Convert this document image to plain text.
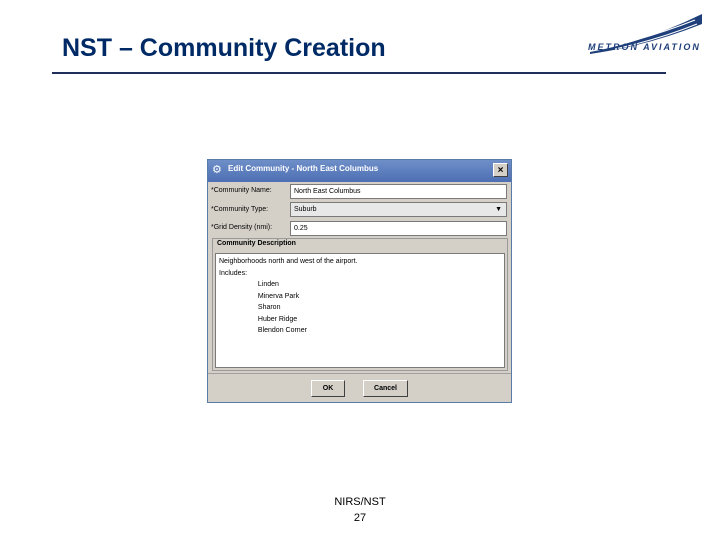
NST – Community Creation	METRON AVIATION
⚙ Edit Community - North East Columbus	×
*Community Name:	North East Columbus
*Community Type:	Suburb	▼
*Grid Density (nmi):	0.25
Community Description
Neighborhoods north and west of the airport.
Includes:
Linden
Minerva Park
Sharon
Huber Ridge
Blendon Corner
OK	Cancel
NIRS/NST
27
